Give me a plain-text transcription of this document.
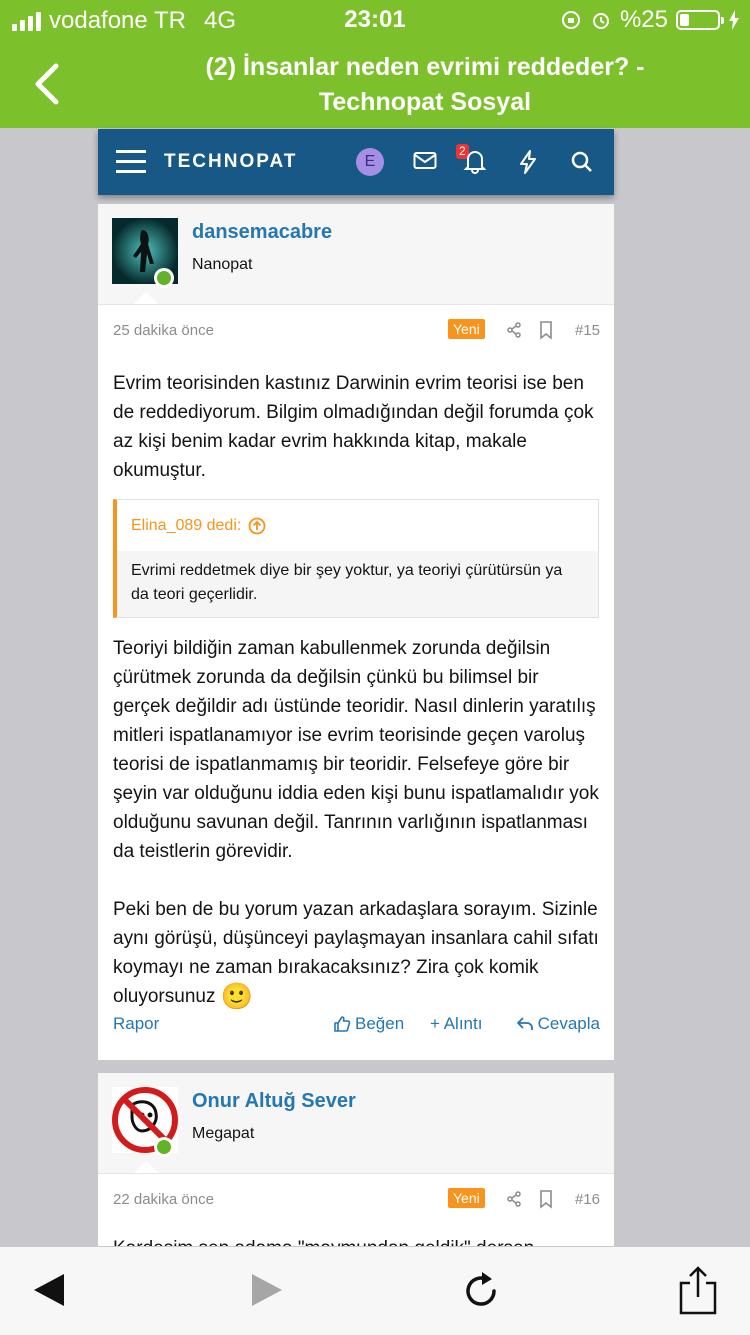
vodafone TR 4G	23:01	%25
(2) İnsanlar neden evrimi reddeder? -
Technopat Sosyal
TECHNOPAT	E
2
dansemacabre
Nanopat
25 dakika önce	Yeni	#15
Evrim teorisinden kastınız Darwinin evrim teorisi ise ben de reddediyorum. Bilgim olmadığından değil forumda çok az kişi benim kadar evrim hakkında kitap, makale okumuştur.
Elina_089 dedi:
Evrimi reddetmek diye bir şey yoktur, ya teoriyi çürütürsün ya da teori geçerlidir.
Teoriyi bildiğin zaman kabullenmek zorunda değilsin çürütmek zorunda da değilsin çünkü bu bilimsel bir gerçek değildir adı üstünde teoridir. Nasıl dinlerin yaratılış mitleri ispatlanamıyor ise evrim teorisinde geçen varoluş teorisi de ispatlanmamış bir teoridir. Felsefeye göre bir şeyin var olduğunu iddia eden kişi bunu ispatlamalıdır yok olduğunu savunan değil. Tanrının varlığının ispatlanması da teistlerin görevidir.
Peki ben de bu yorum yazan arkadaşlara sorayım. Sizinle aynı görüşü, düşünceyi paylaşmayan insanlara cahil sıfatı koymayı ne zaman bırakacaksınız? Zira çok komik oluyorsunuz 🙂
Rapor	Beğen + Alıntı	Cevapla
Onur Altuğ Sever
Megapat
22 dakika önce	Yeni	#16
